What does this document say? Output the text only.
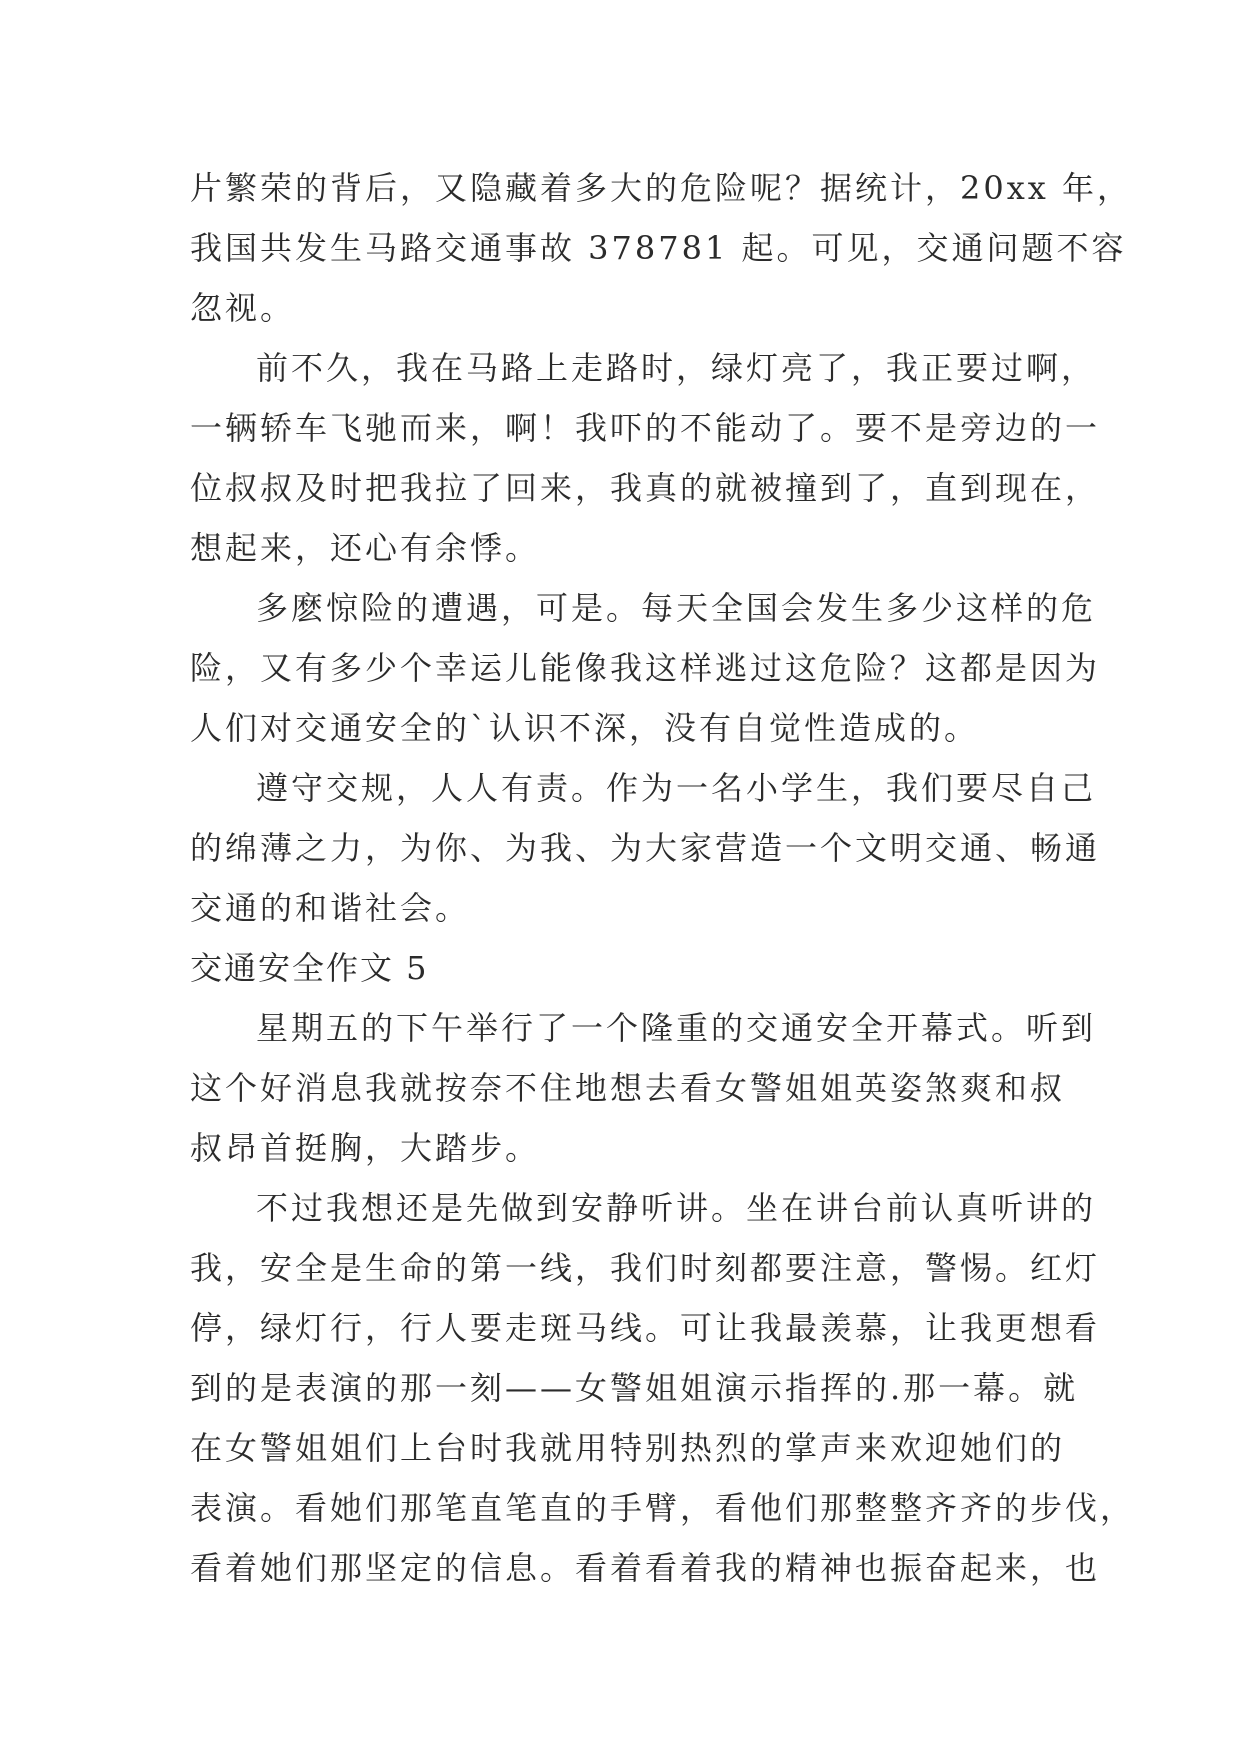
片繁荣的背后，又隐藏着多大的危险呢？据统计，20xx 年，
我国共发生马路交通事故 378781 起。可见，交通问题不容
忽视。
前不久，我在马路上走路时，绿灯亮了，我正要过啊，
一辆轿车飞驰而来，啊！我吓的不能动了。要不是旁边的一
位叔叔及时把我拉了回来，我真的就被撞到了，直到现在，
想起来，还心有余悸。
多麽惊险的遭遇，可是。每天全国会发生多少这样的危
险，又有多少个幸运儿能像我这样逃过这危险？这都是因为
人们对交通安全的`认识不深，没有自觉性造成的。
遵守交规，人人有责。作为一名小学生，我们要尽自己
的绵薄之力，为你、为我、为大家营造一个文明交通、畅通
交通的和谐社会。
交通安全作文 5
星期五的下午举行了一个隆重的交通安全开幕式。听到
这个好消息我就按奈不住地想去看女警姐姐英姿煞爽和叔
叔昂首挺胸，大踏步。
不过我想还是先做到安静听讲。坐在讲台前认真听讲的
我，安全是生命的第一线，我们时刻都要注意，警惕。红灯
停，绿灯行，行人要走斑马线。可让我最羡慕，让我更想看
到的是表演的那一刻——女警姐姐演示指挥的.那一幕。就
在女警姐姐们上台时我就用特别热烈的掌声来欢迎她们的
表演。看她们那笔直笔直的手臂，看他们那整整齐齐的步伐，
看着她们那坚定的信息。看着看着我的精神也振奋起来，也
